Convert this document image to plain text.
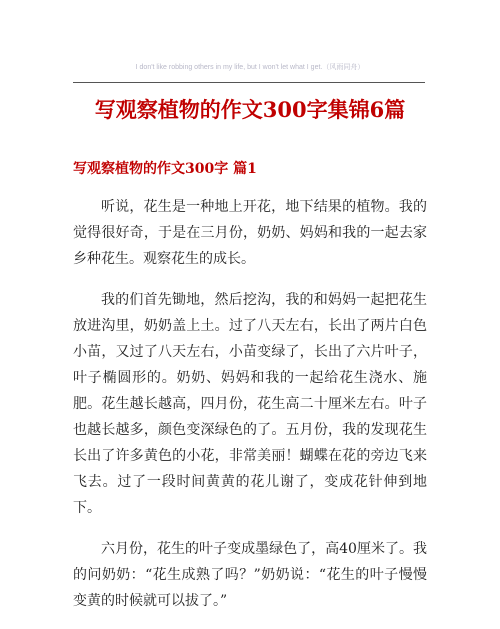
I don't like robbing others in my life, but I won't let what I get.（风雨同舟）
写观察植物的作文300字集锦6篇
写观察植物的作文300字 篇1

听说，花生是一种地上开花，地下结果的植物。我的觉得很好奇，于是在三月份，奶奶、妈妈和我的一起去家乡种花生。观察花生的成长。

我的们首先锄地，然后挖沟，我的和妈妈一起把花生放进沟里，奶奶盖上土。过了八天左右，长出了两片白色小苗，又过了八天左右，小苗变绿了，长出了六片叶子，叶子椭圆形的。奶奶、妈妈和我的一起给花生浇水、施肥。花生越长越高，四月份，花生高二十厘米左右。叶子也越长越多，颜色变深绿色的了。五月份，我的发现花生长出了许多黄色的小花，非常美丽！蝴蝶在花的旁边飞来飞去。过了一段时间黄黄的花儿谢了，变成花针伸到地下。

六月份，花生的叶子变成墨绿色了，高40厘米了。我的问奶奶：“花生成熟了吗？”奶奶说：“花生的叶子慢慢变黄的时候就可以拔了。”
